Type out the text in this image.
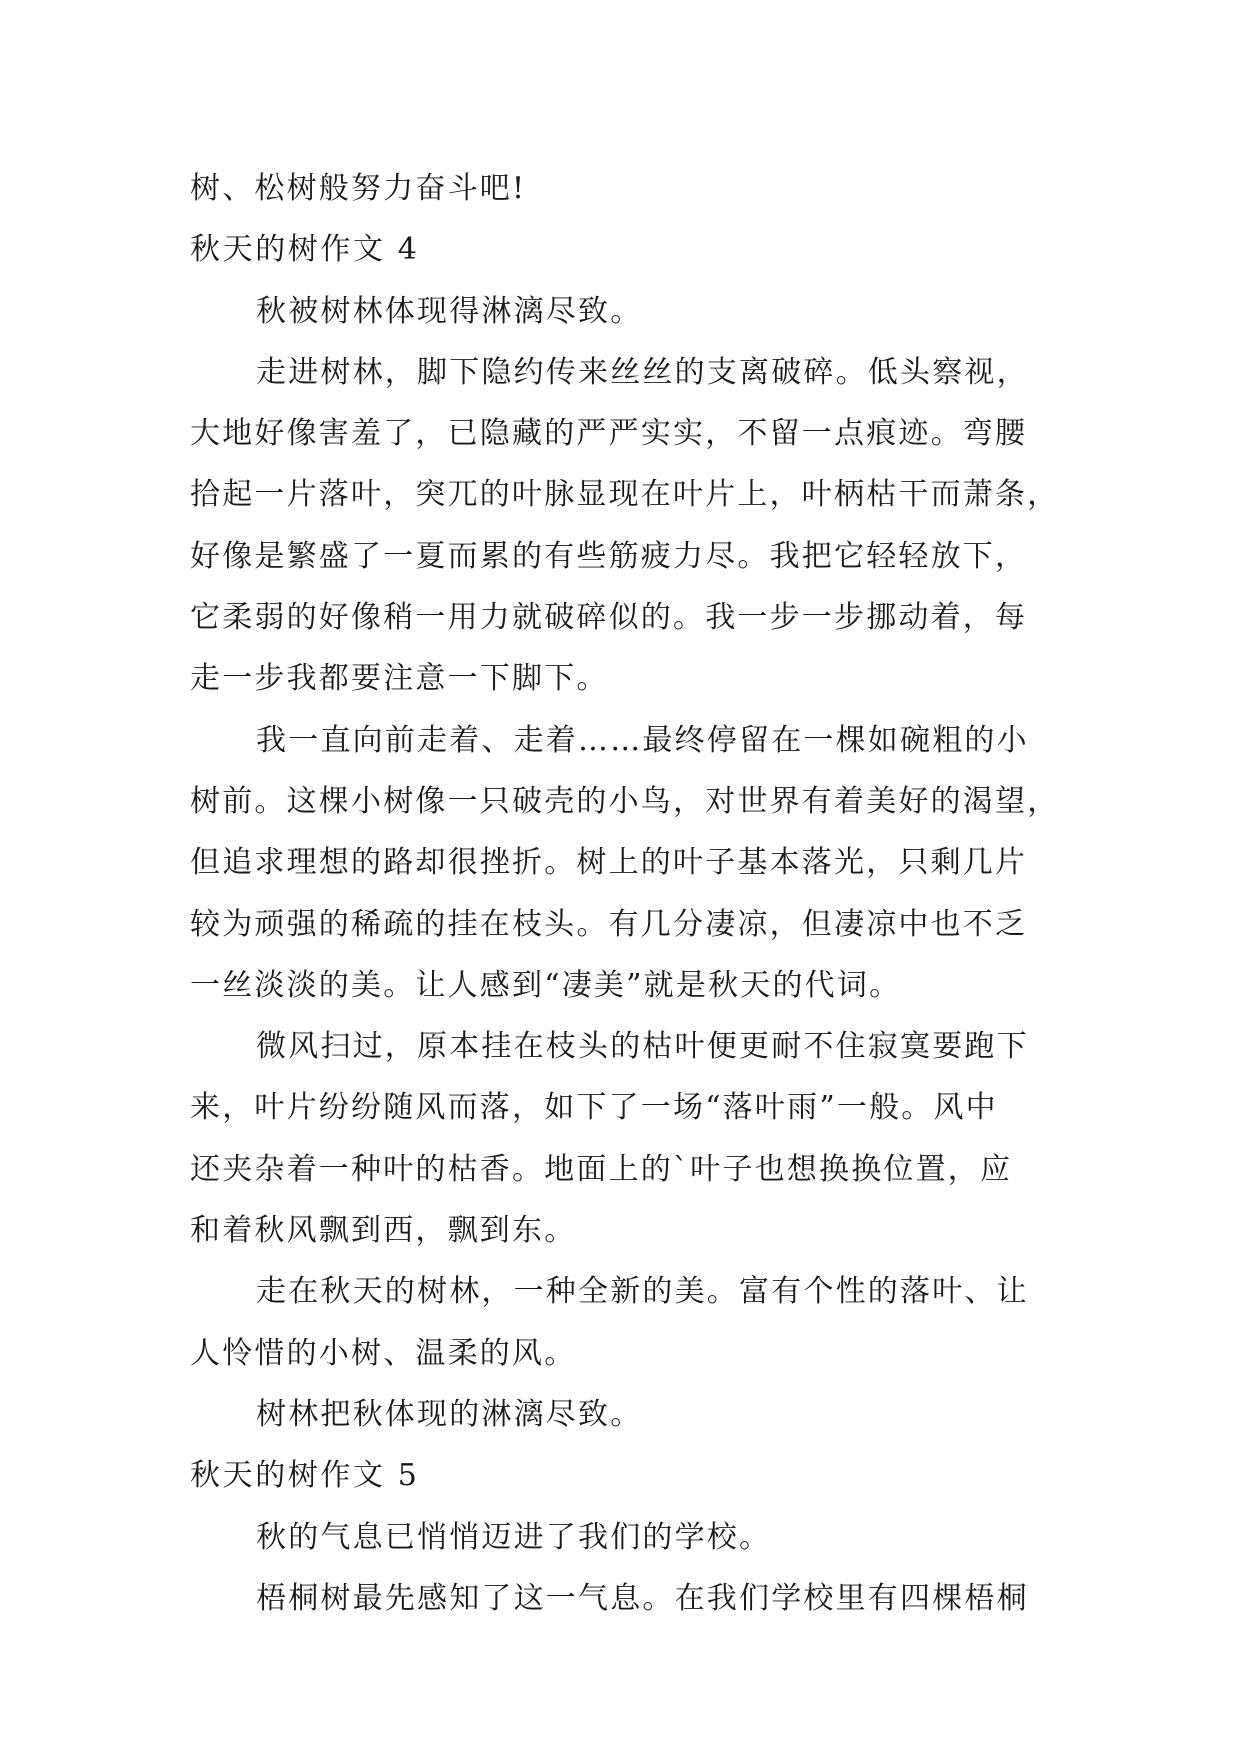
树、松树般努力奋斗吧!
秋天的树作文 4
秋被树林体现得淋漓尽致。
走进树林，脚下隐约传来丝丝的支离破碎。低头察视，
大地好像害羞了，已隐藏的严严实实，不留一点痕迹。弯腰
拾起一片落叶，突兀的叶脉显现在叶片上，叶柄枯干而萧条，
好像是繁盛了一夏而累的有些筋疲力尽。我把它轻轻放下，
它柔弱的好像稍一用力就破碎似的。我一步一步挪动着，每
走一步我都要注意一下脚下。
我一直向前走着、走着……最终停留在一棵如碗粗的小
树前。这棵小树像一只破壳的小鸟，对世界有着美好的渴望，
但追求理想的路却很挫折。树上的叶子基本落光，只剩几片
较为顽强的稀疏的挂在枝头。有几分凄凉，但凄凉中也不乏
一丝淡淡的美。让人感到“凄美”就是秋天的代词。
微风扫过，原本挂在枝头的枯叶便更耐不住寂寞要跑下
来，叶片纷纷随风而落，如下了一场“落叶雨”一般。风中
还夹杂着一种叶的枯香。地面上的`叶子也想换换位置，应
和着秋风飘到西，飘到东。
走在秋天的树林，一种全新的美。富有个性的落叶、让
人怜惜的小树、温柔的风。
树林把秋体现的淋漓尽致。
秋天的树作文 5
秋的气息已悄悄迈进了我们的学校。
梧桐树最先感知了这一气息。在我们学校里有四棵梧桐
